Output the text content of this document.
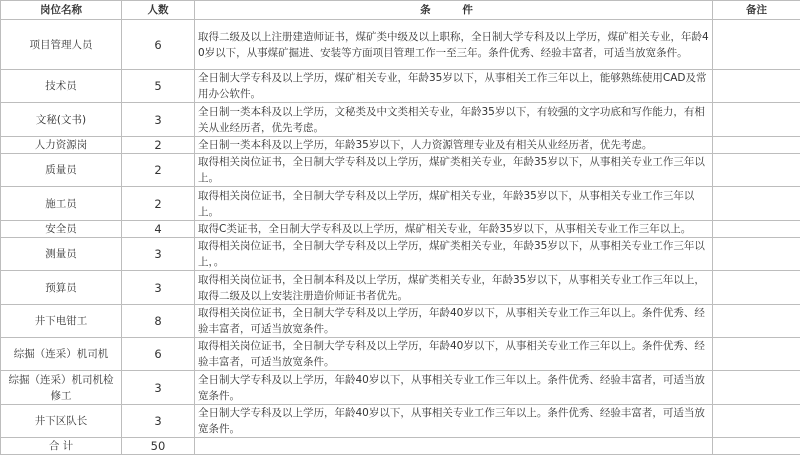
岗位名称	人数	条 件	备注
项目管理人员	6	取得二级及以上注册建造师证书，煤矿类中级及以上职称，全日制大学专科及以上学历，煤矿相关专业，年龄40岁以下，从事煤矿掘进、安装等方面项目管理工作一至三年。条件优秀、经验丰富者，可适当放宽条件。	
技术员	5	全日制大学专科及以上学历，煤矿相关专业，年龄35岁以下，从事相关工作三年以上，能够熟练使用CAD及常用办公软件。	
文秘(文书)	3	全日制一类本科及以上学历，文秘类及中文类相关专业，年龄35岁以下，有较强的文字功底和写作能力，有相关从业经历者，优先考虑。	
人力资源岗	2	全日制一类本科及以上学历，年龄35岁以下，人力资源管理专业及有相关从业经历者，优先考虑。	
质量员	2	取得相关岗位证书，全日制大学专科及以上学历，煤矿类相关专业，年龄35岁以下，从事相关专业工作三年以上。	
施工员	2	取得相关岗位证书，全日制大学专科及以上学历，煤矿相关专业，年龄35岁以下，从事相关专业工作三年以上。	
安全员	4	取得C类证书，全日制大学专科及以上学历，煤矿相关专业，年龄35岁以下，从事相关专业工作三年以上。	
测量员	3	取得相关岗位证书，全日制大学专科及以上学历，煤矿类相关专业，年龄35岁以下，从事相关专业工作三年以上，。	
预算员	3	取得相关岗位证书，全日制本科及以上学历，煤矿类相关专业，年龄35岁以下，从事相关专业工作三年以上，取得二级及以上安装注册造价师证书者优先。	
井下电钳工	8	取得相关岗位证书，全日制大学专科及以上学历，年龄40岁以下，从事相关专业工作三年以上。条件优秀、经验丰富者，可适当放宽条件。	
综掘（连采）机司机	6	取得相关岗位证书，全日制大学专科及以上学历，年龄40岁以下，从事相关专业工作三年以上。条件优秀、经验丰富者，可适当放宽条件。	
综掘（连采）机司机检修工	3	全日制大学专科及以上学历，年龄40岁以下，从事相关专业工作三年以上。条件优秀、经验丰富者，可适当放宽条件。	
井下区队长	3	全日制大学专科及以上学历，年龄40岁以下，从事相关专业工作三年以上。条件优秀、经验丰富者，可适当放宽条件。	
合 计	50		
